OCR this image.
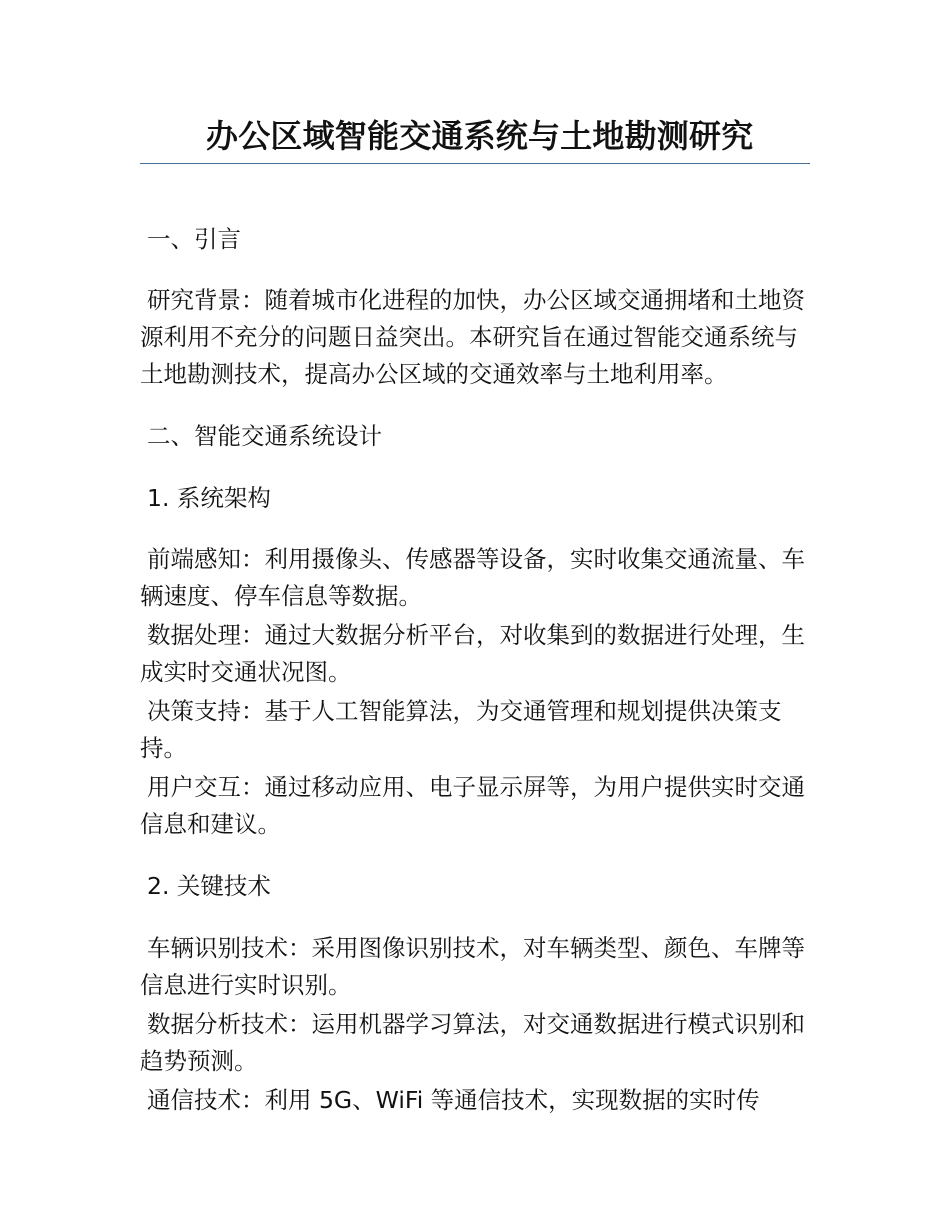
办公区域智能交通系统与土地勘测研究

一、引言

研究背景：随着城市化进程的加快，办公区域交通拥堵和土地资源利用不充分的问题日益突出。本研究旨在通过智能交通系统与土地勘测技术，提高办公区域的交通效率与土地利用率。

二、智能交通系统设计

1. 系统架构

前端感知：利用摄像头、传感器等设备，实时收集交通流量、车辆速度、停车信息等数据。

数据处理：通过大数据分析平台，对收集到的数据进行处理，生成实时交通状况图。

决策支持：基于人工智能算法，为交通管理和规划提供决策支持。

用户交互：通过移动应用、电子显示屏等，为用户提供实时交通信息和建议。

2. 关键技术

车辆识别技术：采用图像识别技术，对车辆类型、颜色、车牌等信息进行实时识别。

数据分析技术：运用机器学习算法，对交通数据进行模式识别和趋势预测。

通信技术：利用 5G、WiFi 等通信技术，实现数据的实时传
